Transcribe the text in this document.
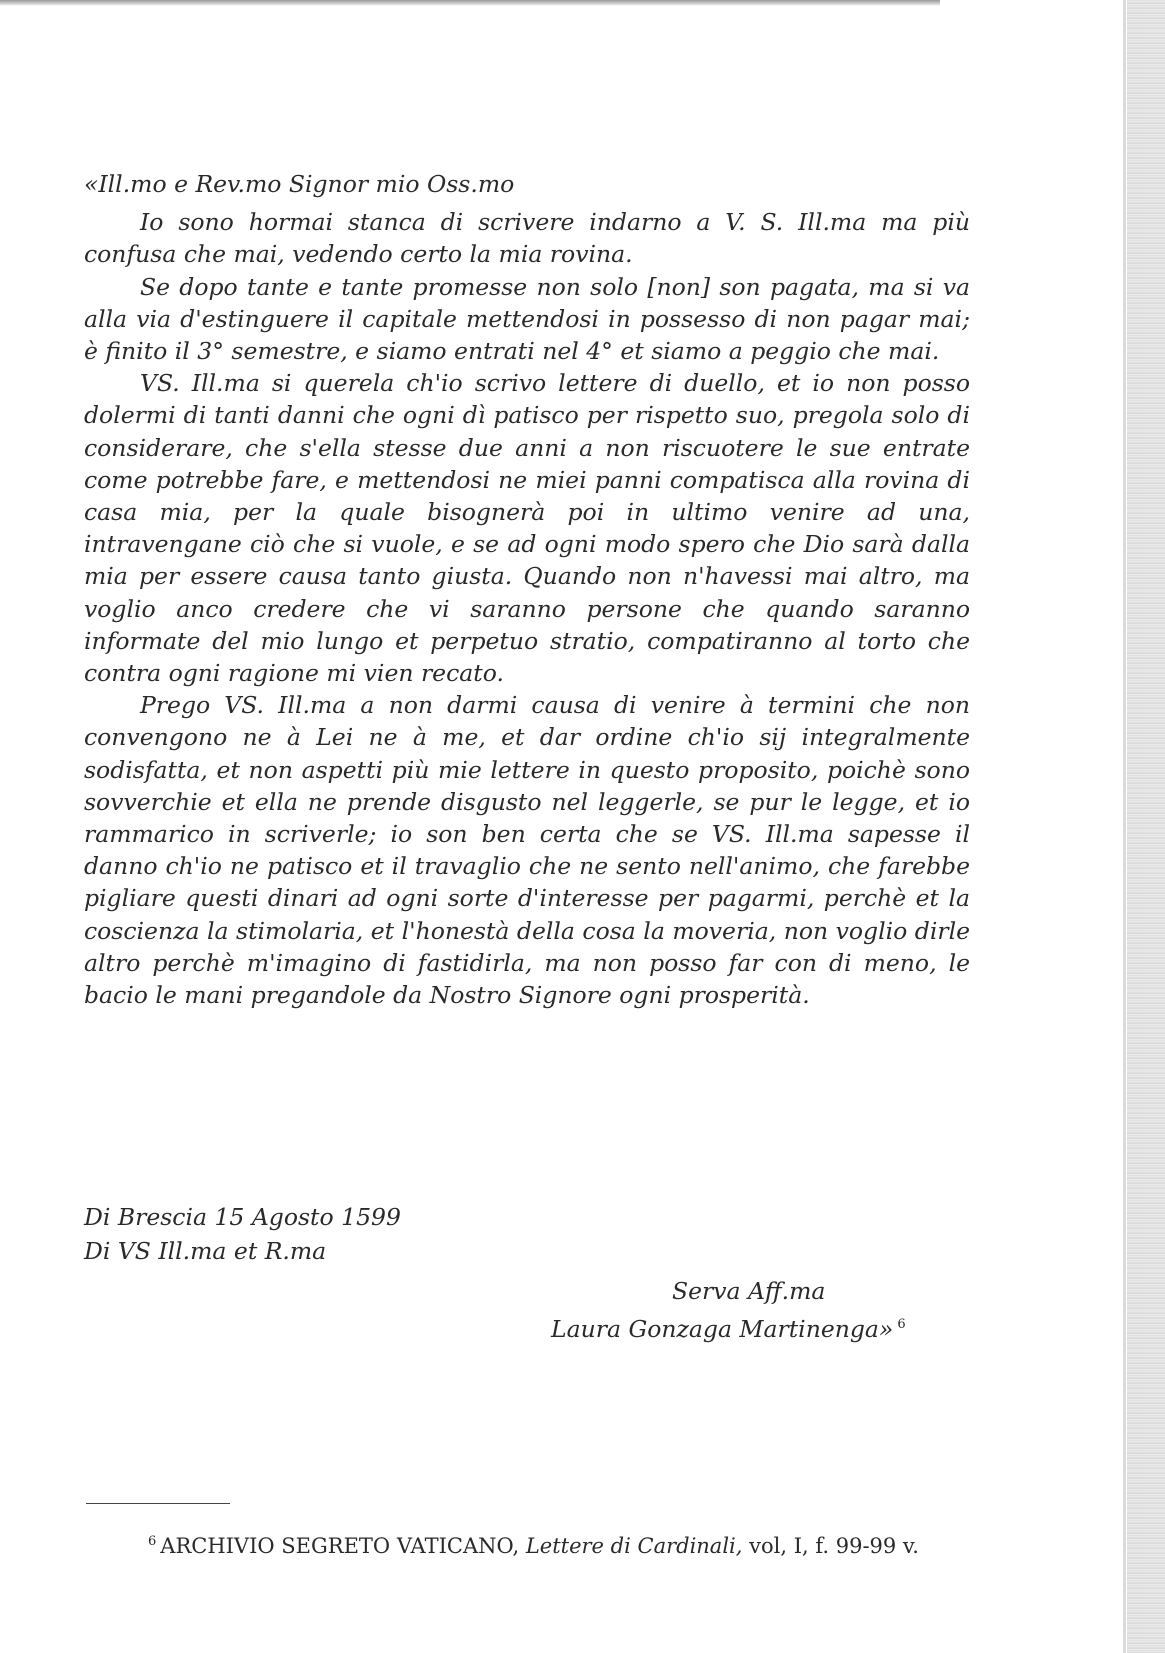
«Ill.mo e Rev.mo Signor mio Oss.mo

Io sono hormai stanca di scrivere indarno a V. S. Ill.ma ma più confusa che mai, vedendo certo la mia rovina.

Se dopo tante e tante promesse non solo [non] son pagata, ma si va alla via d'estinguere il capitale mettendosi in possesso di non pagar mai; è finito il 3° semestre, e siamo entrati nel 4° et siamo a peggio che mai.

VS. Ill.ma si querela ch'io scrivo lettere di duello, et io non posso dolermi di tanti danni che ogni dì patisco per rispetto suo, pregola solo di considerare, che s'ella stesse due anni a non riscuotere le sue entrate come potrebbe fare, e mettendosi ne miei panni compatisca alla rovina di casa mia, per la quale bisognerà poi in ultimo venire ad una, intravengane ciò che si vuole, e se ad ogni modo spero che Dio sarà dalla mia per essere causa tanto giusta. Quando non n'havessi mai altro, ma voglio anco credere che vi saranno persone che quando saranno informate del mio lungo et perpetuo stratio, compatiranno al torto che contra ogni ragione mi vien recato.

Prego VS. Ill.ma a non darmi causa di venire à termini che non convengono ne à Lei ne à me, et dar ordine ch'io sij integralmente sodisfatta, et non aspetti più mie lettere in questo proposito, poichè sono sovverchie et ella ne prende disgusto nel leggerle, se pur le legge, et io rammarico in scriverle; io son ben certa che se VS. Ill.ma sapesse il danno ch'io ne patisco et il travaglio che ne sento nell'animo, che farebbe pigliare questi dinari ad ogni sorte d'interesse per pagarmi, perchè et la coscienza la stimolaria, et l'honestà della cosa la moveria, non voglio dirle altro perchè m'imagino di fastidirla, ma non posso far con di meno, le bacio le mani pregandole da Nostro Signore ogni prosperità.

Di Brescia 15 Agosto 1599
Di VS Ill.ma et R.ma
Serva Aff.ma
Laura Gonzaga Martinenga» $^6$
$^6$ ARCHIVIO SEGRETO VATICANO, Lettere di Cardinali, vol, I, f. 99-99 v.
